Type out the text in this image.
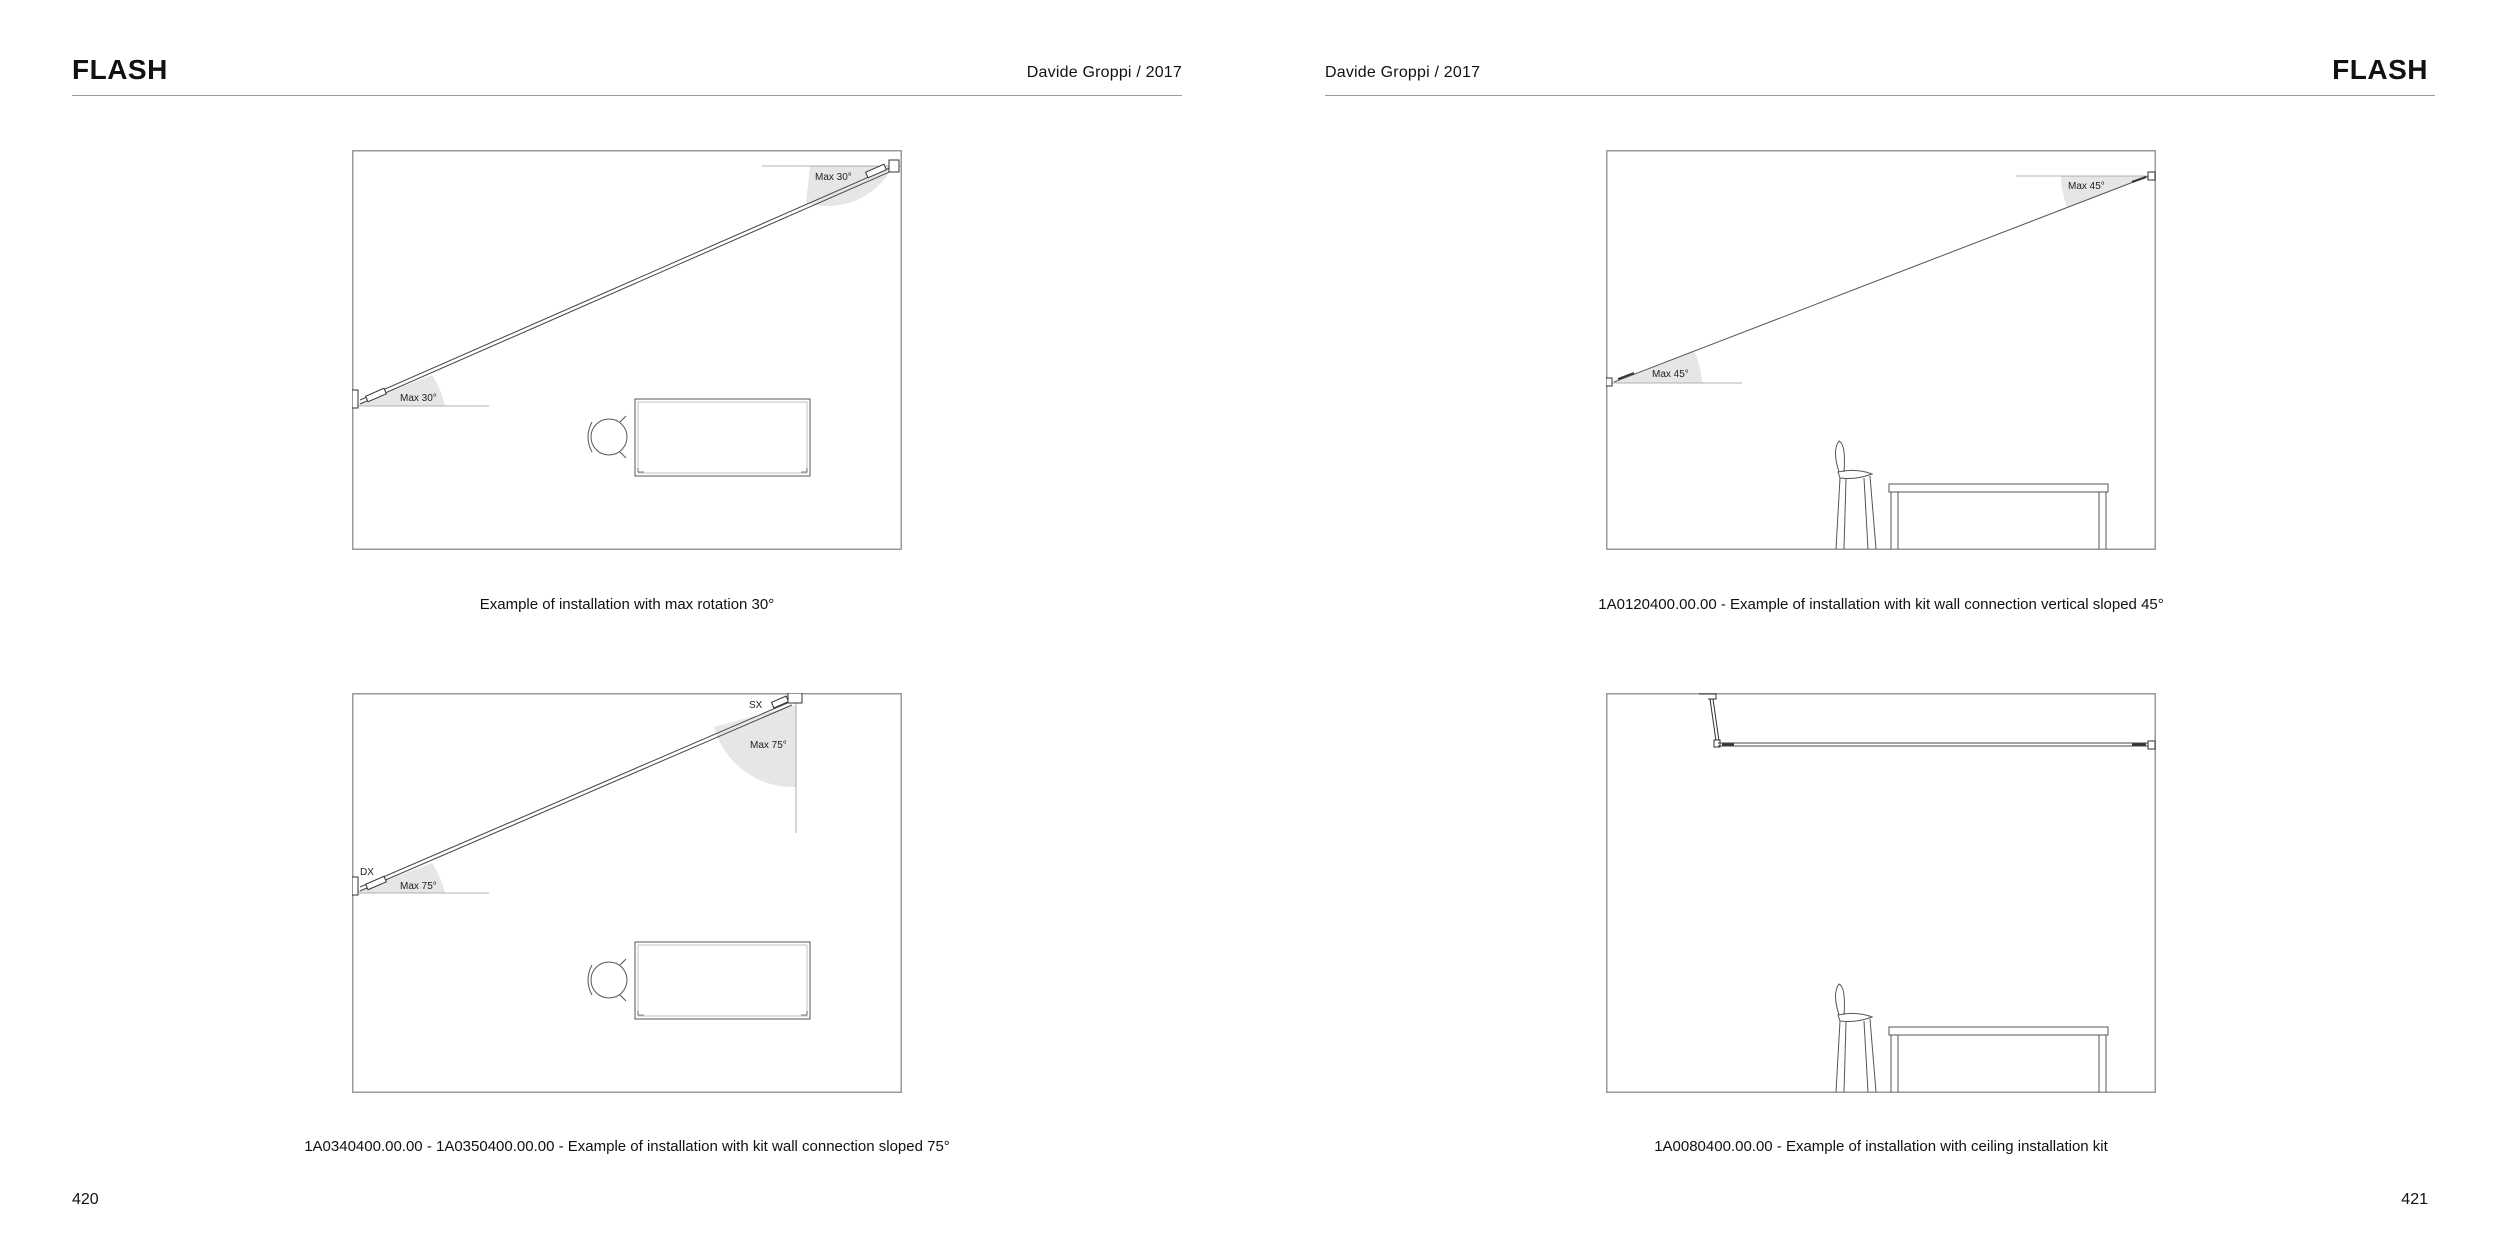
FLASH	Davide Groppi / 2017
Max 30°
Max 30°
Example of installation with max rotation 30°
SX
DX
Max 75°
Max 75°
1A0340400.00.00 - 1A0350400.00.00 - Example of installation with kit wall connection sloped 75°
420
Davide Groppi / 2017	FLASH
Max 45°
Max 45°
1A0120400.00.00 - Example of installation with kit wall connection vertical sloped 45°
1A0080400.00.00 - Example of installation with ceiling installation kit
421
